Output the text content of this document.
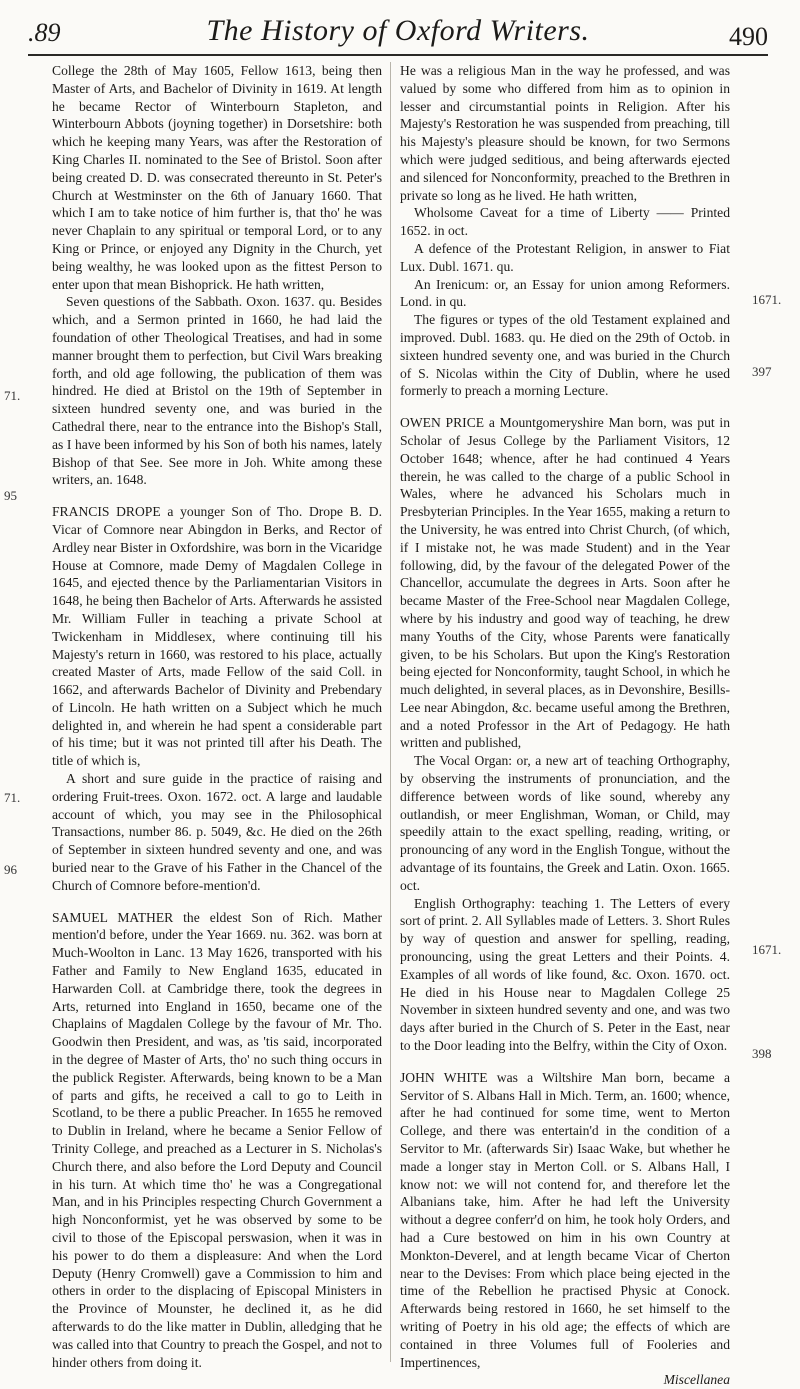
.89	The History of Oxford Writers.	490

College the 28th of May 1605, Fellow 1613, being then Master of Arts, and Bachelor of Divinity in 1619. At length he became Rector of Winterbourn Stapleton, and Winterbourn Abbots (joyning together) in Dorsetshire: both which he keeping many Years, was after the Restoration of King Charles II. nominated to the See of Bristol. Soon after being created D. D. was consecrated thereunto in St. Peter's Church at Westminster on the 6th of January 1660. That which I am to take notice of him further is, that tho' he was never Chaplain to any spiritual or temporal Lord, or to any King or Prince, or enjoyed any Dignity in the Church, yet being wealthy, he was looked upon as the fittest Person to enter upon that mean Bishoprick. He hath written,

Seven questions of the Sabbath. Oxon. 1637. qu. Besides which, and a Sermon printed in 1660, he had laid the foundation of other Theological Treatises, and had in some manner brought them to perfection, but Civil Wars breaking forth, and old age following, the publication of them was hindred. He died at Bristol on the 19th of September in sixteen hundred seventy one, and was buried in the Cathedral there, near to the entrance into the Bishop's Stall, as I have been informed by his Son of both his names, lately Bishop of that See. See more in Joh. White among these writers, an. 1648.

FRANCIS DROPE a younger Son of Tho. Drope B. D. Vicar of Comnore near Abingdon in Berks, and Rector of Ardley near Bister in Oxfordshire, was born in the Vicaridge House at Comnore, made Demy of Magdalen College in 1645, and ejected thence by the Parliamentarian Visitors in 1648, he being then Bachelor of Arts. Afterwards he assisted Mr. William Fuller in teaching a private School at Twickenham in Middlesex, where continuing till his Majesty's return in 1660, was restored to his place, actually created Master of Arts, made Fellow of the said Coll. in 1662, and afterwards Bachelor of Divinity and Prebendary of Lincoln. He hath written on a Subject which he much delighted in, and wherein he had spent a considerable part of his time; but it was not printed till after his Death. The title of which is,

A short and sure guide in the practice of raising and ordering Fruit-trees. Oxon. 1672. oct. A large and laudable account of which, you may see in the Philosophical Transactions, number 86. p. 5049, &c. He died on the 26th of September in sixteen hundred seventy and one, and was buried near to the Grave of his Father in the Chancel of the Church of Comnore before-mention'd.

SAMUEL MATHER the eldest Son of Rich. Mather mention'd before, under the Year 1669. nu. 362. was born at Much-Woolton in Lanc. 13 May 1626, transported with his Father and Family to New England 1635, educated in Harwarden Coll. at Cambridge there, took the degrees in Arts, returned into England in 1650, became one of the Chaplains of Magdalen College by the favour of Mr. Tho. Goodwin then President, and was, as 'tis said, incorporated in the degree of Master of Arts, tho' no such thing occurs in the publick Register. Afterwards, being known to be a Man of parts and gifts, he received a call to go to Leith in Scotland, to be there a public Preacher. In 1655 he removed to Dublin in Ireland, where he became a Senior Fellow of Trinity College, and preached as a Lecturer in S. Nicholas's Church there, and also before the Lord Deputy and Council in his turn. At which time tho' he was a Congregational Man, and in his Principles respecting Church Government a high Nonconformist, yet he was observed by some to be civil to those of the Episcopal perswasion, when it was in his power to do them a displeasure: And when the Lord Deputy (Henry Cromwell) gave a Commission to him and others in order to the displacing of Episcopal Ministers in the Province of Mounster, he declined it, as he did afterwards to do the like matter in Dublin, alledging that he was called into that Country to preach the Gospel, and not to hinder others from doing it.

He was a religious Man in the way he professed, and was valued by some who differed from him as to opinion in lesser and circumstantial points in Religion. After his Majesty's Restoration he was suspended from preaching, till his Majesty's pleasure should be known, for two Sermons which were judged seditious, and being afterwards ejected and silenced for Nonconformity, preached to the Brethren in private so long as he lived. He hath written,

Wholsome Caveat for a time of Liberty —— Printed 1652. in oct.

A defence of the Protestant Religion, in answer to Fiat Lux. Dubl. 1671. qu.

An Irenicum: or, an Essay for union among Reformers. Lond. in qu.

The figures or types of the old Testament explained and improved. Dubl. 1683. qu. He died on the 29th of Octob. in sixteen hundred seventy one, and was buried in the Church of S. Nicolas within the City of Dublin, where he used formerly to preach a morning Lecture.

OWEN PRICE a Mountgomeryshire Man born, was put in Scholar of Jesus College by the Parliament Visitors, 12 October 1648; whence, after he had continued 4 Years therein, he was called to the charge of a public School in Wales, where he advanced his Scholars much in Presbyterian Principles. In the Year 1655, making a return to the University, he was entred into Christ Church, (of which, if I mistake not, he was made Student) and in the Year following, did, by the favour of the delegated Power of the Chancellor, accumulate the degrees in Arts. Soon after he became Master of the Free-School near Magdalen College, where by his industry and good way of teaching, he drew many Youths of the City, whose Parents were fanatically given, to be his Scholars. But upon the King's Restoration being ejected for Nonconformity, taught School, in which he much delighted, in several places, as in Devonshire, Besills-Lee near Abingdon, &c. became useful among the Brethren, and a noted Professor in the Art of Pedagogy. He hath written and published,

The Vocal Organ: or, a new art of teaching Orthography, by observing the instruments of pronunciation, and the difference between words of like sound, whereby any outlandish, or meer Englishman, Woman, or Child, may speedily attain to the exact spelling, reading, writing, or pronouncing of any word in the English Tongue, without the advantage of its fountains, the Greek and Latin. Oxon. 1665. oct.

English Orthography: teaching 1. The Letters of every sort of print. 2. All Syllables made of Letters. 3. Short Rules by way of question and answer for spelling, reading, pronouncing, using the great Letters and their Points. 4. Examples of all words of like found, &c. Oxon. 1670. oct. He died in his House near to Magdalen College 25 November in sixteen hundred seventy and one, and was two days after buried in the Church of S. Peter in the East, near to the Door leading into the Belfry, within the City of Oxon.

JOHN WHITE was a Wiltshire Man born, became a Servitor of S. Albans Hall in Mich. Term, an. 1600; whence, after he had continued for some time, went to Merton College, and there was entertain'd in the condition of a Servitor to Mr. (afterwards Sir) Isaac Wake, but whether he made a longer stay in Merton Coll. or S. Albans Hall, I know not: we will not contend for, and therefore let the Albanians take, him. After he had left the University without a degree conferr'd on him, he took holy Orders, and had a Cure bestowed on him in his own Country at Monkton-Deverel, and at length became Vicar of Cherton near to the Devises: From which place being ejected in the time of the Rebellion he practised Physic at Conock. Afterwards being restored in 1660, he set himself to the writing of Poetry in his old age; the effects of which are contained in three Volumes full of Fooleries and Impertinences,

Miscellanea

71.
95
71.
96
1671.
397
1671.
398
